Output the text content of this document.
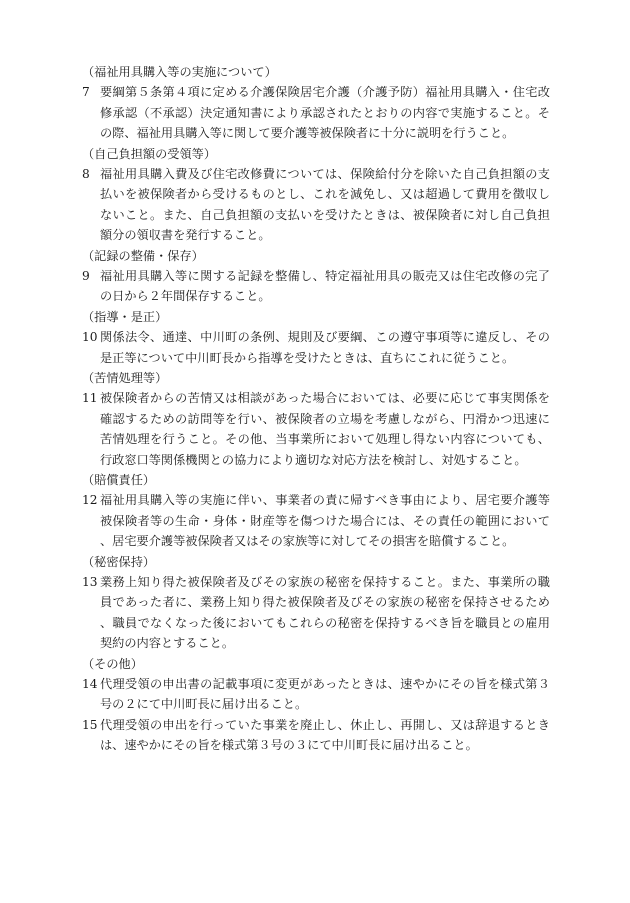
（福祉用具購入等の実施について）
7 要綱第５条第４項に定める介護保険居宅介護（介護予防）福祉用具購入・住宅改修承認（不承認）決定通知書により承認されたとおりの内容で実施すること。その際、福祉用具購入等に関して要介護等被保険者に十分に説明を行うこと。
（自己負担額の受領等）
8 福祉用具購入費及び住宅改修費については、保険給付分を除いた自己負担額の支払いを被保険者から受けるものとし、これを減免し、又は超過して費用を徴収しないこと。また、自己負担額の支払いを受けたときは、被保険者に対し自己負担額分の領収書を発行すること。
（記録の整備・保存）
9 福祉用具購入等に関する記録を整備し、特定福祉用具の販売又は住宅改修の完了の日から２年間保存すること。
（指導・是正）
10 関係法令、通達、中川町の条例、規則及び要綱、この遵守事項等に違反し、その是正等について中川町長から指導を受けたときは、直ちにこれに従うこと。
（苦情処理等）
11 被保険者からの苦情又は相談があった場合においては、必要に応じて事実関係を確認するための訪問等を行い、被保険者の立場を考慮しながら、円滑かつ迅速に苦情処理を行うこと。その他、当事業所において処理し得ない内容についても、行政窓口等関係機関との協力により適切な対応方法を検討し、対処すること。
（賠償責任）
12 福祉用具購入等の実施に伴い、事業者の責に帰すべき事由により、居宅要介護等被保険者等の生命・身体・財産等を傷つけた場合には、その責任の範囲において、居宅要介護等被保険者又はその家族等に対してその損害を賠償すること。
（秘密保持）
13 業務上知り得た被保険者及びその家族の秘密を保持すること。また、事業所の職員であった者に、業務上知り得た被保険者及びその家族の秘密を保持させるため、職員でなくなった後においてもこれらの秘密を保持するべき旨を職員との雇用契約の内容とすること。
（その他）
14 代理受領の申出書の記載事項に変更があったときは、速やかにその旨を様式第３号の２にて中川町長に届け出ること。
15 代理受領の申出を行っていた事業を廃止し、休止し、再開し、又は辞退するときは、速やかにその旨を様式第３号の３にて中川町長に届け出ること。
